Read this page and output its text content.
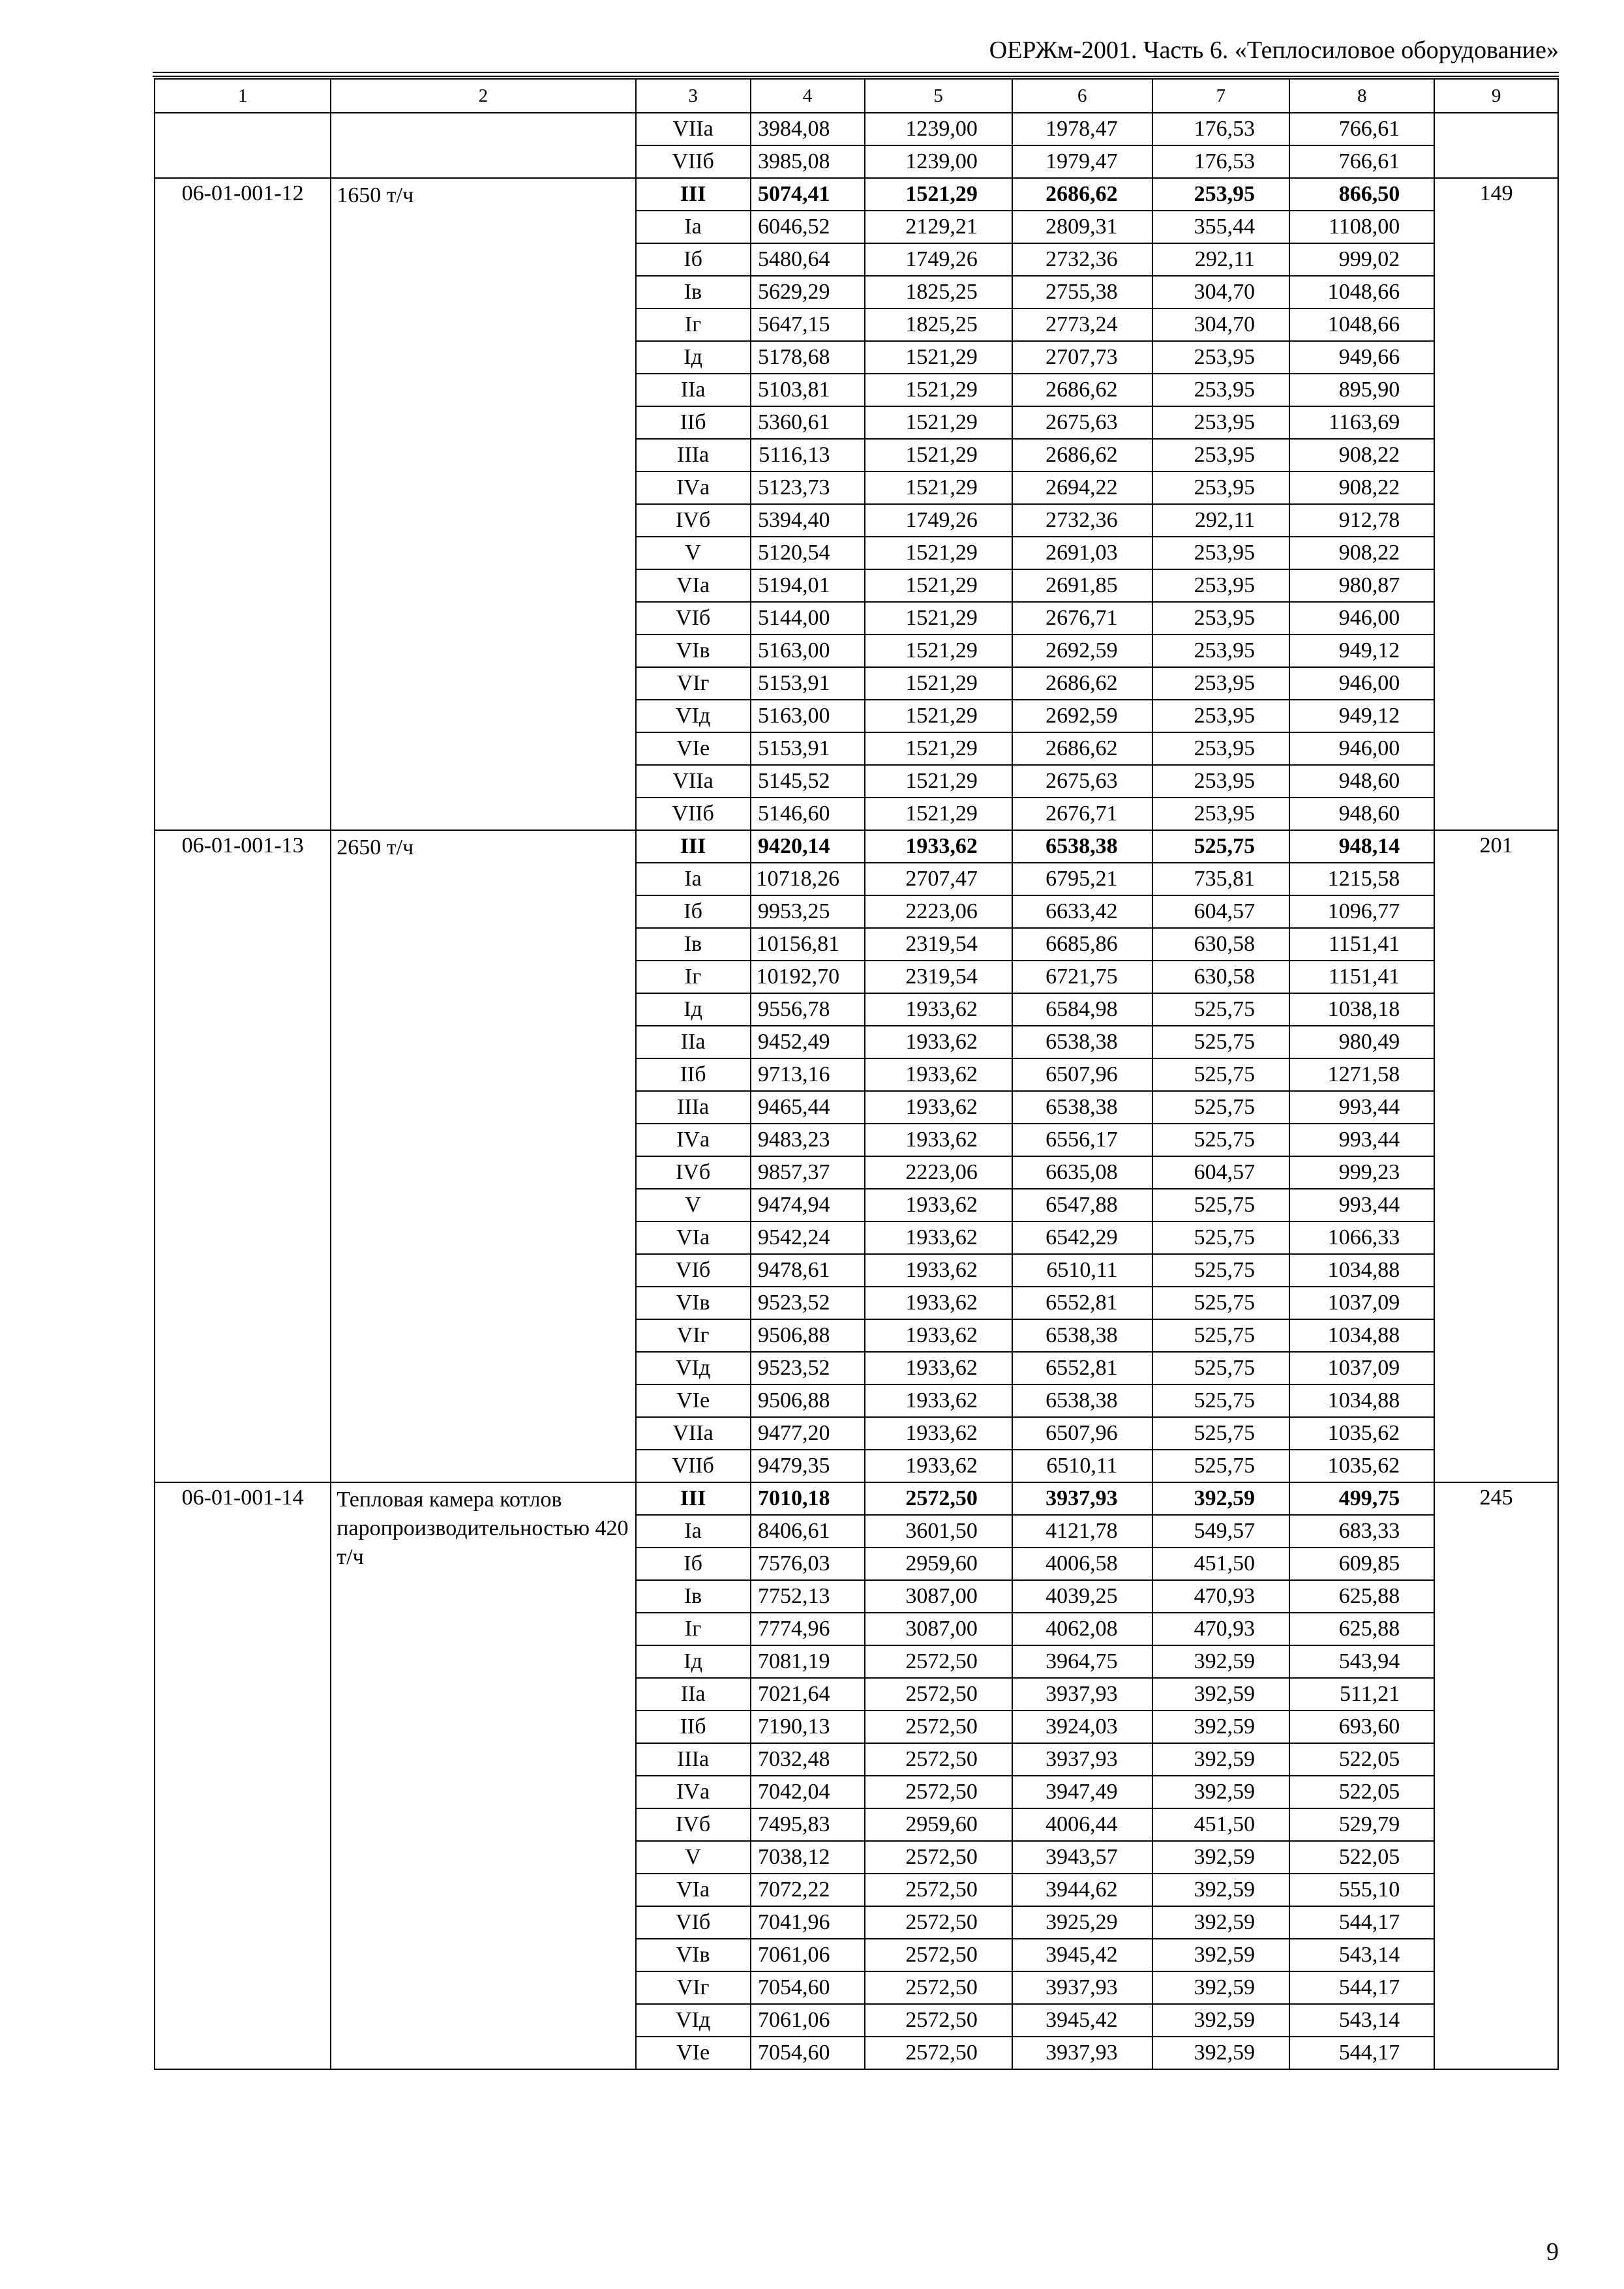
ОЕРЖм-2001. Часть 6. «Теплосиловое оборудование»
1	2	3	4	5	6	7	8	9
		VIIа	3984,08	1239,00	1978,47	176,53	766,61	
		VIIб	3985,08	1239,00	1979,47	176,53	766,61	
06-01-001-12	1650 т/ч	III	5074,41	1521,29	2686,62	253,95	866,50	149
		Iа	6046,52	2129,21	2809,31	355,44	1108,00	
		Iб	5480,64	1749,26	2732,36	292,11	999,02	
		Iв	5629,29	1825,25	2755,38	304,70	1048,66	
		Iг	5647,15	1825,25	2773,24	304,70	1048,66	
		Iд	5178,68	1521,29	2707,73	253,95	949,66	
		IIа	5103,81	1521,29	2686,62	253,95	895,90	
		IIб	5360,61	1521,29	2675,63	253,95	1163,69	
		IIIа	5116,13	1521,29	2686,62	253,95	908,22	
		IVа	5123,73	1521,29	2694,22	253,95	908,22	
		IVб	5394,40	1749,26	2732,36	292,11	912,78	
		V	5120,54	1521,29	2691,03	253,95	908,22	
		VIа	5194,01	1521,29	2691,85	253,95	980,87	
		VIб	5144,00	1521,29	2676,71	253,95	946,00	
		VIв	5163,00	1521,29	2692,59	253,95	949,12	
		VIг	5153,91	1521,29	2686,62	253,95	946,00	
		VIд	5163,00	1521,29	2692,59	253,95	949,12	
		VIе	5153,91	1521,29	2686,62	253,95	946,00	
		VIIа	5145,52	1521,29	2675,63	253,95	948,60	
		VIIб	5146,60	1521,29	2676,71	253,95	948,60	
06-01-001-13	2650 т/ч	III	9420,14	1933,62	6538,38	525,75	948,14	201
		Iа	10718,26	2707,47	6795,21	735,81	1215,58	
		Iб	9953,25	2223,06	6633,42	604,57	1096,77	
		Iв	10156,81	2319,54	6685,86	630,58	1151,41	
		Iг	10192,70	2319,54	6721,75	630,58	1151,41	
		Iд	9556,78	1933,62	6584,98	525,75	1038,18	
		IIа	9452,49	1933,62	6538,38	525,75	980,49	
		IIб	9713,16	1933,62	6507,96	525,75	1271,58	
		IIIа	9465,44	1933,62	6538,38	525,75	993,44	
		IVа	9483,23	1933,62	6556,17	525,75	993,44	
		IVб	9857,37	2223,06	6635,08	604,57	999,23	
		V	9474,94	1933,62	6547,88	525,75	993,44	
		VIа	9542,24	1933,62	6542,29	525,75	1066,33	
		VIб	9478,61	1933,62	6510,11	525,75	1034,88	
		VIв	9523,52	1933,62	6552,81	525,75	1037,09	
		VIг	9506,88	1933,62	6538,38	525,75	1034,88	
		VIд	9523,52	1933,62	6552,81	525,75	1037,09	
		VIе	9506,88	1933,62	6538,38	525,75	1034,88	
		VIIа	9477,20	1933,62	6507,96	525,75	1035,62	
		VIIб	9479,35	1933,62	6510,11	525,75	1035,62	
06-01-001-14	Тепловая камера котлов паропроизводительностью 420 т/ч	III	7010,18	2572,50	3937,93	392,59	499,75	245
		Iа	8406,61	3601,50	4121,78	549,57	683,33	
		Iб	7576,03	2959,60	4006,58	451,50	609,85	
		Iв	7752,13	3087,00	4039,25	470,93	625,88	
		Iг	7774,96	3087,00	4062,08	470,93	625,88	
		Iд	7081,19	2572,50	3964,75	392,59	543,94	
		IIа	7021,64	2572,50	3937,93	392,59	511,21	
		IIб	7190,13	2572,50	3924,03	392,59	693,60	
		IIIа	7032,48	2572,50	3937,93	392,59	522,05	
		IVа	7042,04	2572,50	3947,49	392,59	522,05	
		IVб	7495,83	2959,60	4006,44	451,50	529,79	
		V	7038,12	2572,50	3943,57	392,59	522,05	
		VIа	7072,22	2572,50	3944,62	392,59	555,10	
		VIб	7041,96	2572,50	3925,29	392,59	544,17	
		VIв	7061,06	2572,50	3945,42	392,59	543,14	
		VIг	7054,60	2572,50	3937,93	392,59	544,17	
		VIд	7061,06	2572,50	3945,42	392,59	543,14	
		VIе	7054,60	2572,50	3937,93	392,59	544,17	
9
